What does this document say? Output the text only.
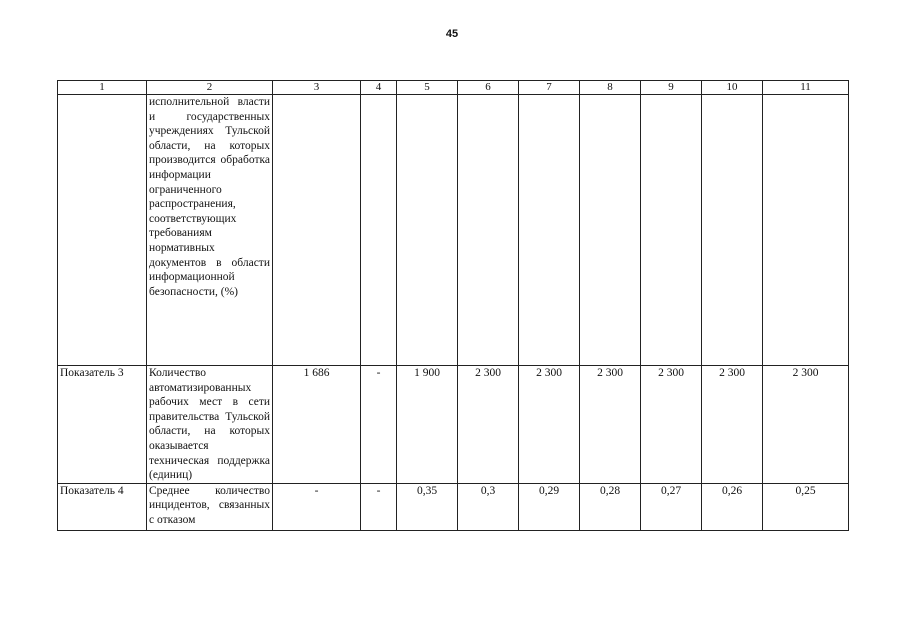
45
1	2	3	4	5	6	7	8	9	10	11
	исполнительной власти и государственных учреждениях Тульской области, на которых производится обработка информации ограниченного распространения, соответствующих требованиям нормативных документов в области информационной безопасности, (%)									
Показатель 3	Количество автоматизированных рабочих мест в сети правительства Тульской области, на которых оказывается техническая поддержка (единиц)	1 686	-	1 900	2 300	2 300	2 300	2 300	2 300	2 300
Показатель 4	Среднее количество инцидентов, связанных с отказом	-	-	0,35	0,3	0,29	0,28	0,27	0,26	0,25
